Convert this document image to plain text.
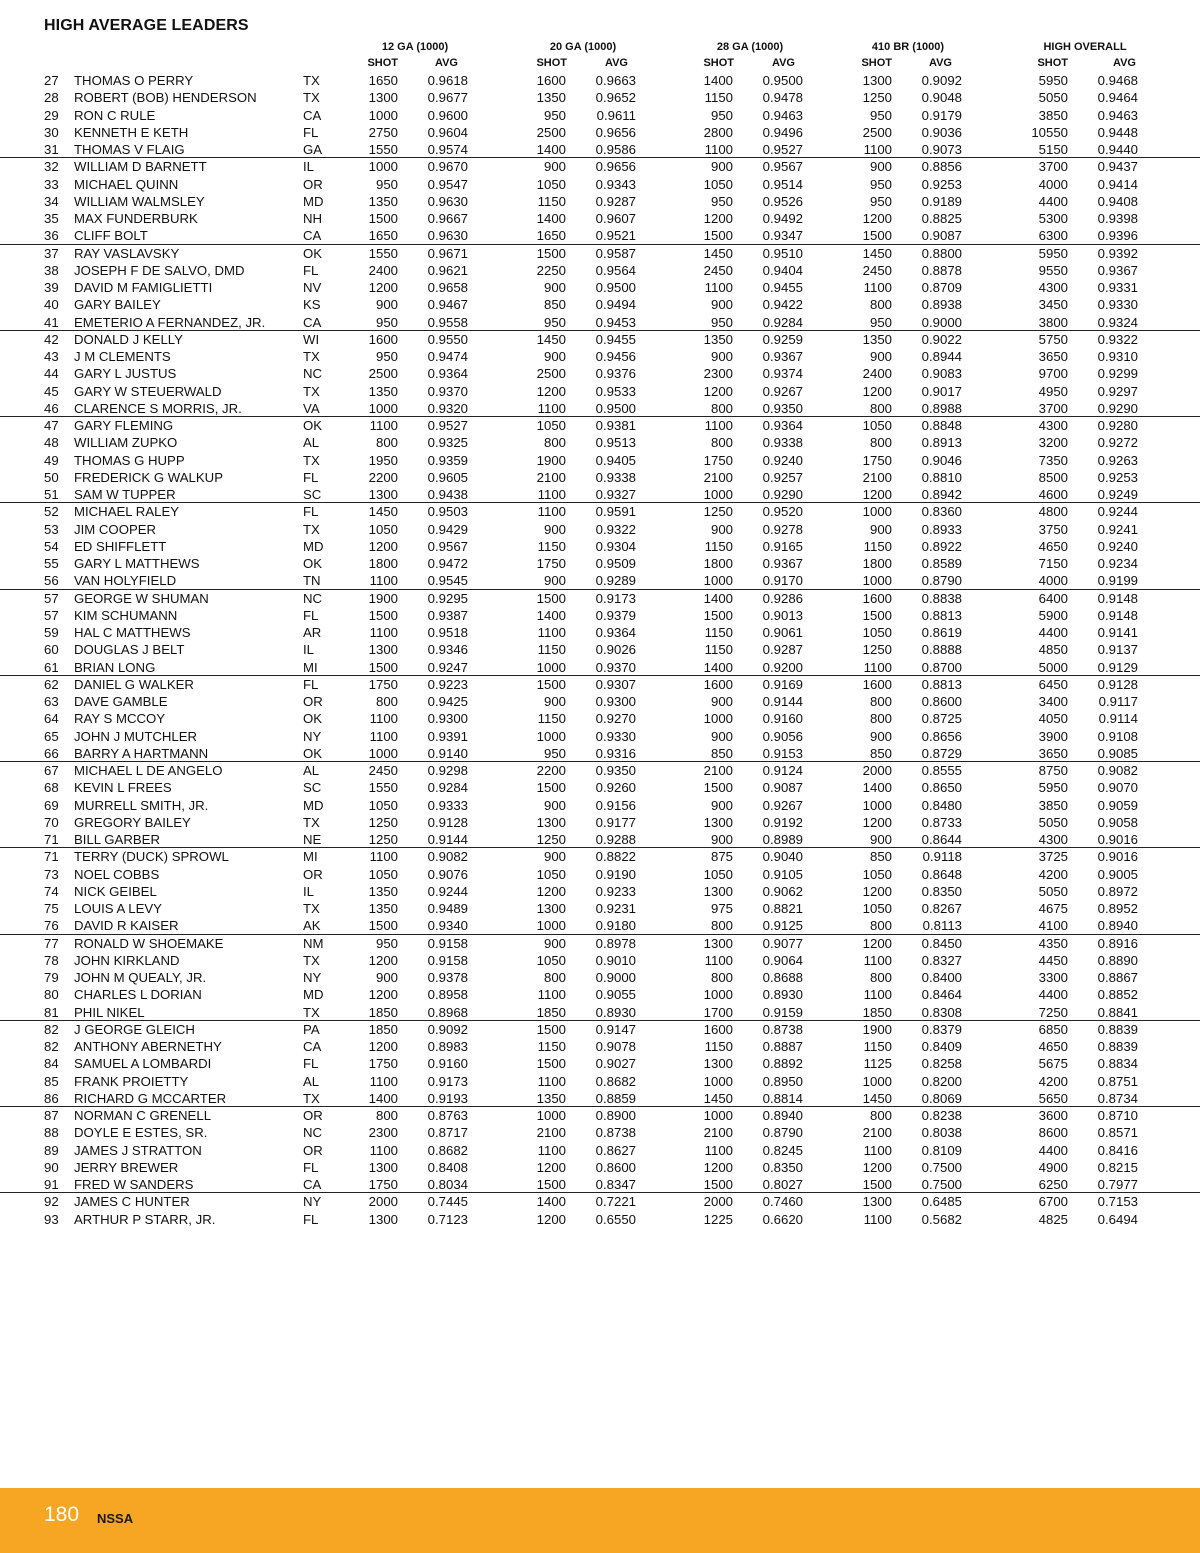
HIGH AVERAGE LEADERS
12 GA (1000)	20 GA (1000)	28 GA (1000)	410 BR (1000)	HIGH OVERALL
SHOT	AVG	SHOT	AVG	SHOT	AVG	SHOT	AVG	SHOT	AVG
27	THOMAS O PERRY	TX	1650	0.9618	1600	0.9663	1400	0.9500	1300	0.9092	5950	0.9468
28	ROBERT (BOB) HENDERSON	TX	1300	0.9677	1350	0.9652	1150	0.9478	1250	0.9048	5050	0.9464
29	RON C RULE	CA	1000	0.9600	950	0.9611	950	0.9463	950	0.9179	3850	0.9463
30	KENNETH E KETH	FL	2750	0.9604	2500	0.9656	2800	0.9496	2500	0.9036	10550	0.9448
31	THOMAS V FLAIG	GA	1550	0.9574	1400	0.9586	1100	0.9527	1100	0.9073	5150	0.9440
32	WILLIAM D BARNETT	IL	1000	0.9670	900	0.9656	900	0.9567	900	0.8856	3700	0.9437
33	MICHAEL QUINN	OR	950	0.9547	1050	0.9343	1050	0.9514	950	0.9253	4000	0.9414
34	WILLIAM WALMSLEY	MD	1350	0.9630	1150	0.9287	950	0.9526	950	0.9189	4400	0.9408
35	MAX FUNDERBURK	NH	1500	0.9667	1400	0.9607	1200	0.9492	1200	0.8825	5300	0.9398
36	CLIFF BOLT	CA	1650	0.9630	1650	0.9521	1500	0.9347	1500	0.9087	6300	0.9396
37	RAY VASLAVSKY	OK	1550	0.9671	1500	0.9587	1450	0.9510	1450	0.8800	5950	0.9392
38	JOSEPH F DE SALVO, DMD	FL	2400	0.9621	2250	0.9564	2450	0.9404	2450	0.8878	9550	0.9367
39	DAVID M FAMIGLIETTI	NV	1200	0.9658	900	0.9500	1100	0.9455	1100	0.8709	4300	0.9331
40	GARY BAILEY	KS	900	0.9467	850	0.9494	900	0.9422	800	0.8938	3450	0.9330
41	EMETERIO A FERNANDEZ, JR.	CA	950	0.9558	950	0.9453	950	0.9284	950	0.9000	3800	0.9324
42	DONALD J KELLY	WI	1600	0.9550	1450	0.9455	1350	0.9259	1350	0.9022	5750	0.9322
43	J M CLEMENTS	TX	950	0.9474	900	0.9456	900	0.9367	900	0.8944	3650	0.9310
44	GARY L JUSTUS	NC	2500	0.9364	2500	0.9376	2300	0.9374	2400	0.9083	9700	0.9299
45	GARY W STEUERWALD	TX	1350	0.9370	1200	0.9533	1200	0.9267	1200	0.9017	4950	0.9297
46	CLARENCE S MORRIS, JR.	VA	1000	0.9320	1100	0.9500	800	0.9350	800	0.8988	3700	0.9290
47	GARY FLEMING	OK	1100	0.9527	1050	0.9381	1100	0.9364	1050	0.8848	4300	0.9280
48	WILLIAM ZUPKO	AL	800	0.9325	800	0.9513	800	0.9338	800	0.8913	3200	0.9272
49	THOMAS G HUPP	TX	1950	0.9359	1900	0.9405	1750	0.9240	1750	0.9046	7350	0.9263
50	FREDERICK G WALKUP	FL	2200	0.9605	2100	0.9338	2100	0.9257	2100	0.8810	8500	0.9253
51	SAM W TUPPER	SC	1300	0.9438	1100	0.9327	1000	0.9290	1200	0.8942	4600	0.9249
52	MICHAEL RALEY	FL	1450	0.9503	1100	0.9591	1250	0.9520	1000	0.8360	4800	0.9244
53	JIM COOPER	TX	1050	0.9429	900	0.9322	900	0.9278	900	0.8933	3750	0.9241
54	ED SHIFFLETT	MD	1200	0.9567	1150	0.9304	1150	0.9165	1150	0.8922	4650	0.9240
55	GARY L MATTHEWS	OK	1800	0.9472	1750	0.9509	1800	0.9367	1800	0.8589	7150	0.9234
56	VAN HOLYFIELD	TN	1100	0.9545	900	0.9289	1000	0.9170	1000	0.8790	4000	0.9199
57	GEORGE W SHUMAN	NC	1900	0.9295	1500	0.9173	1400	0.9286	1600	0.8838	6400	0.9148
57	KIM SCHUMANN	FL	1500	0.9387	1400	0.9379	1500	0.9013	1500	0.8813	5900	0.9148
59	HAL C MATTHEWS	AR	1100	0.9518	1100	0.9364	1150	0.9061	1050	0.8619	4400	0.9141
60	DOUGLAS J BELT	IL	1300	0.9346	1150	0.9026	1150	0.9287	1250	0.8888	4850	0.9137
61	BRIAN LONG	MI	1500	0.9247	1000	0.9370	1400	0.9200	1100	0.8700	5000	0.9129
62	DANIEL G WALKER	FL	1750	0.9223	1500	0.9307	1600	0.9169	1600	0.8813	6450	0.9128
63	DAVE GAMBLE	OR	800	0.9425	900	0.9300	900	0.9144	800	0.8600	3400	0.9117
64	RAY S MCCOY	OK	1100	0.9300	1150	0.9270	1000	0.9160	800	0.8725	4050	0.9114
65	JOHN J MUTCHLER	NY	1100	0.9391	1000	0.9330	900	0.9056	900	0.8656	3900	0.9108
66	BARRY A HARTMANN	OK	1000	0.9140	950	0.9316	850	0.9153	850	0.8729	3650	0.9085
67	MICHAEL L DE ANGELO	AL	2450	0.9298	2200	0.9350	2100	0.9124	2000	0.8555	8750	0.9082
68	KEVIN L FREES	SC	1550	0.9284	1500	0.9260	1500	0.9087	1400	0.8650	5950	0.9070
69	MURRELL SMITH, JR.	MD	1050	0.9333	900	0.9156	900	0.9267	1000	0.8480	3850	0.9059
70	GREGORY BAILEY	TX	1250	0.9128	1300	0.9177	1300	0.9192	1200	0.8733	5050	0.9058
71	BILL GARBER	NE	1250	0.9144	1250	0.9288	900	0.8989	900	0.8644	4300	0.9016
71	TERRY (DUCK) SPROWL	MI	1100	0.9082	900	0.8822	875	0.9040	850	0.9118	3725	0.9016
73	NOEL COBBS	OR	1050	0.9076	1050	0.9190	1050	0.9105	1050	0.8648	4200	0.9005
74	NICK GEIBEL	IL	1350	0.9244	1200	0.9233	1300	0.9062	1200	0.8350	5050	0.8972
75	LOUIS A LEVY	TX	1350	0.9489	1300	0.9231	975	0.8821	1050	0.8267	4675	0.8952
76	DAVID R KAISER	AK	1500	0.9340	1000	0.9180	800	0.9125	800	0.8113	4100	0.8940
77	RONALD W SHOEMAKE	NM	950	0.9158	900	0.8978	1300	0.9077	1200	0.8450	4350	0.8916
78	JOHN KIRKLAND	TX	1200	0.9158	1050	0.9010	1100	0.9064	1100	0.8327	4450	0.8890
79	JOHN M QUEALY, JR.	NY	900	0.9378	800	0.9000	800	0.8688	800	0.8400	3300	0.8867
80	CHARLES L DORIAN	MD	1200	0.8958	1100	0.9055	1000	0.8930	1100	0.8464	4400	0.8852
81	PHIL NIKEL	TX	1850	0.8968	1850	0.8930	1700	0.9159	1850	0.8308	7250	0.8841
82	J GEORGE GLEICH	PA	1850	0.9092	1500	0.9147	1600	0.8738	1900	0.8379	6850	0.8839
82	ANTHONY ABERNETHY	CA	1200	0.8983	1150	0.9078	1150	0.8887	1150	0.8409	4650	0.8839
84	SAMUEL A LOMBARDI	FL	1750	0.9160	1500	0.9027	1300	0.8892	1125	0.8258	5675	0.8834
85	FRANK PROIETTY	AL	1100	0.9173	1100	0.8682	1000	0.8950	1000	0.8200	4200	0.8751
86	RICHARD G MCCARTER	TX	1400	0.9193	1350	0.8859	1450	0.8814	1450	0.8069	5650	0.8734
87	NORMAN C GRENELL	OR	800	0.8763	1000	0.8900	1000	0.8940	800	0.8238	3600	0.8710
88	DOYLE E ESTES, SR.	NC	2300	0.8717	2100	0.8738	2100	0.8790	2100	0.8038	8600	0.8571
89	JAMES J STRATTON	OR	1100	0.8682	1100	0.8627	1100	0.8245	1100	0.8109	4400	0.8416
90	JERRY BREWER	FL	1300	0.8408	1200	0.8600	1200	0.8350	1200	0.7500	4900	0.8215
91	FRED W SANDERS	CA	1750	0.8034	1500	0.8347	1500	0.8027	1500	0.7500	6250	0.7977
92	JAMES C HUNTER	NY	2000	0.7445	1400	0.7221	2000	0.7460	1300	0.6485	6700	0.7153
93	ARTHUR P STARR, JR.	FL	1300	0.7123	1200	0.6550	1225	0.6620	1100	0.5682	4825	0.6494
180 NSSA
